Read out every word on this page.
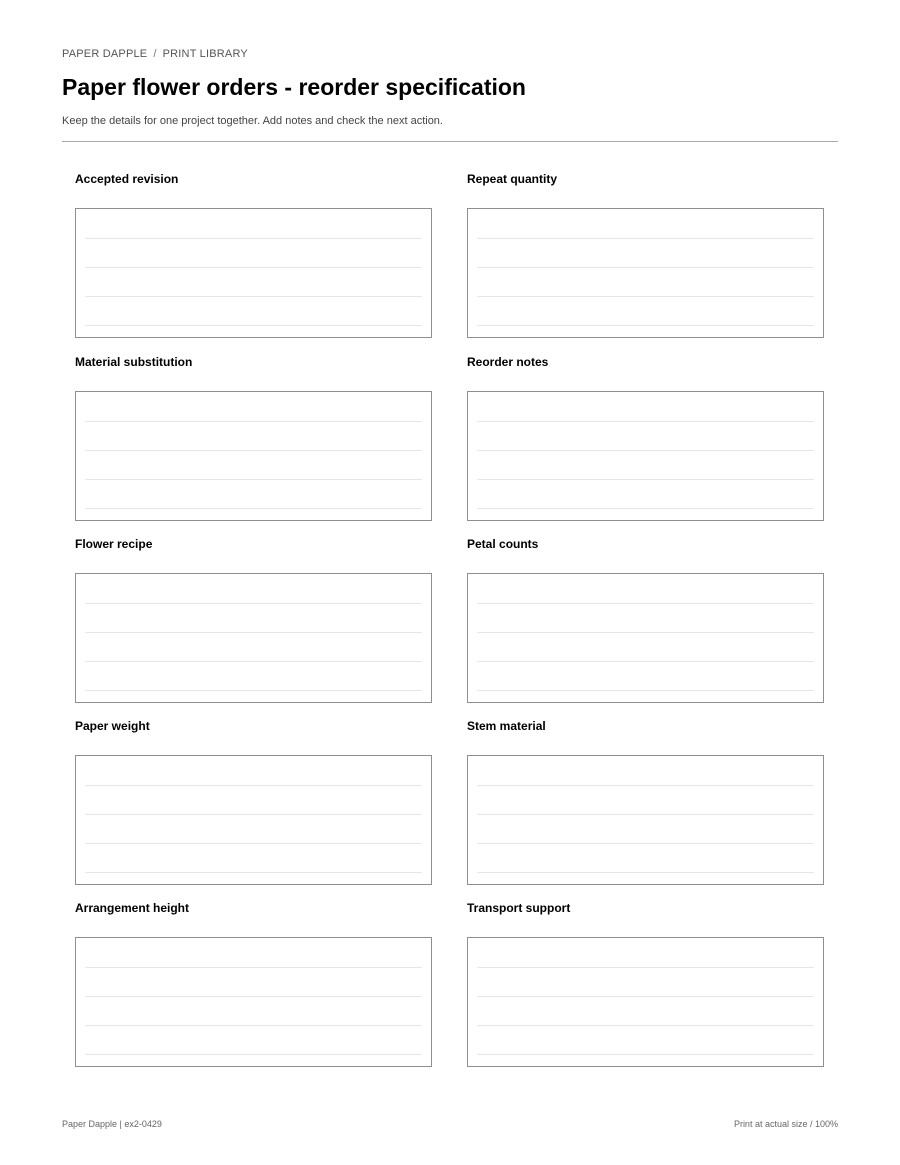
PAPER DAPPLE / PRINT LIBRARY
Paper flower orders - reorder specification
Keep the details for one project together. Add notes and check the next action.
Accepted revision	Repeat quantity
Material substitution	Reorder notes
Flower recipe	Petal counts
Paper weight	Stem material
Arrangement height	Transport support
Paper Dapple | ex2-0429	Print at actual size / 100%
